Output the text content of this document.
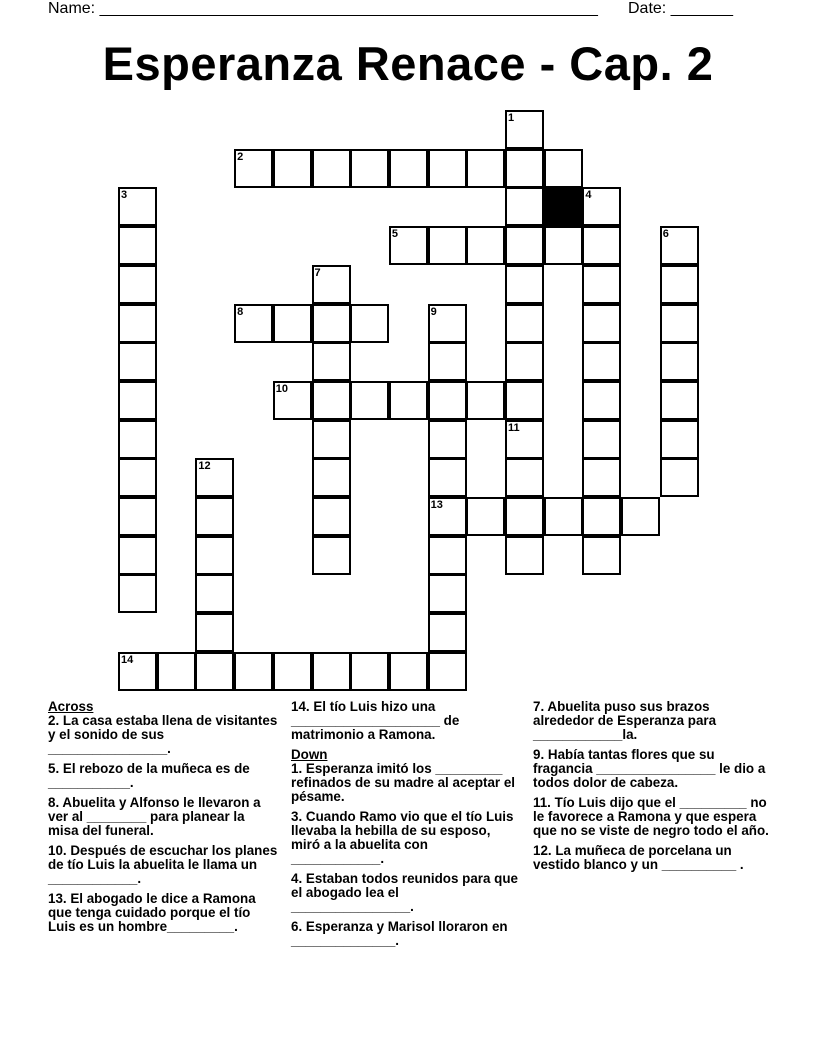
Name: ________________________________________________________ Date: _______
Esperanza Renace - Cap. 2
2
5
8
10
13
14
1
3	4
6
7
9
11
12
Across
2. La casa estaba llena de visitantes y el sonido de sus ________________.
5. El rebozo de la muñeca es de ___________.
8. Abuelita y Alfonso le llevaron a ver al ________ para planear la misa del funeral.
10. Después de escuchar los planes de tío Luis la abuelita le llama un ____________.
13. El abogado le dice a Ramona que tenga cuidado porque el tío Luis es un hombre_________.
14. El tío Luis hizo una ____________________ de matrimonio a Ramona.
Down
1. Esperanza imitó los _________ refinados de su madre al aceptar el pésame.
3. Cuando Ramo vio que el tío Luis llevaba la hebilla de su esposo, miró a la abuelita con ____________.
4. Estaban todos reunidos para que el abogado lea el ________________.
6. Esperanza y Marisol lloraron en ______________.
7. Abuelita puso sus brazos alrededor de Esperanza para ____________la.
9. Había tantas flores que su fragancia ________________ le dio a todos dolor de cabeza.
11. Tío Luis dijo que el _________ no le favorece a Ramona y que espera que no se viste de negro todo el año.
12. La muñeca de porcelana un vestido blanco y un __________ .
